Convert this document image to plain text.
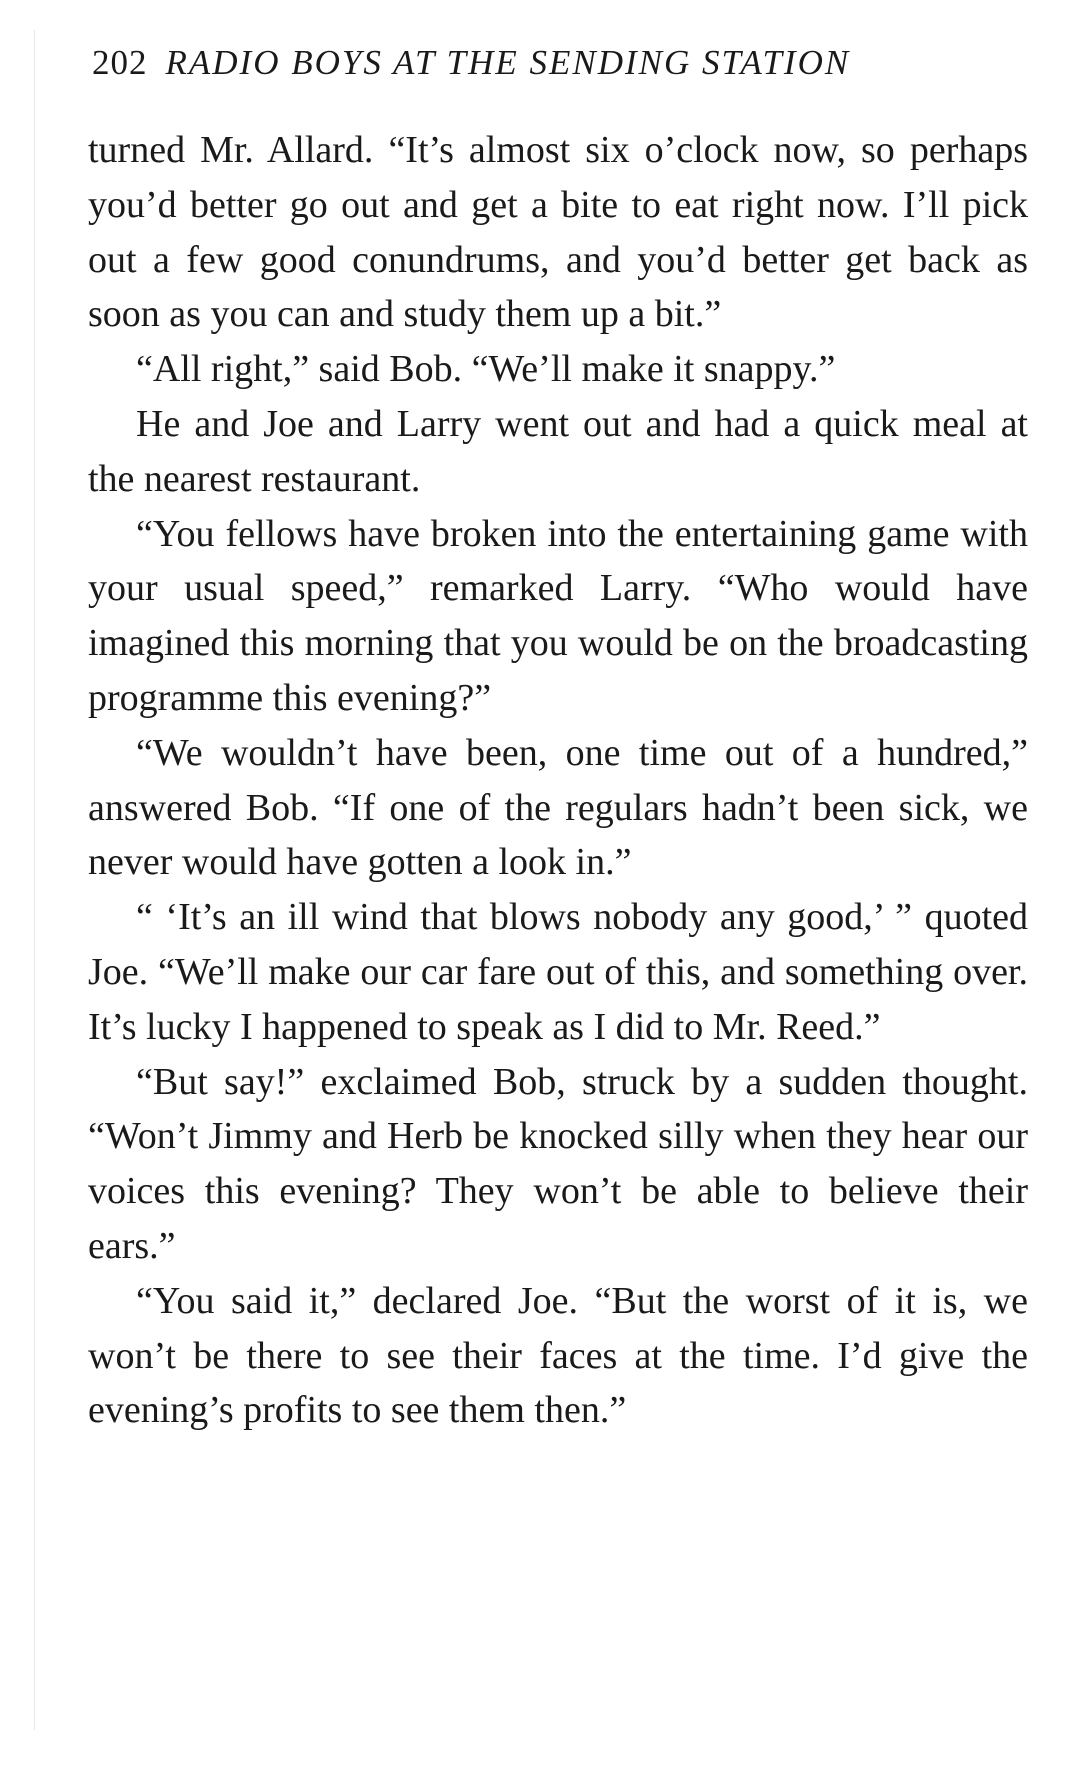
202 RADIO BOYS AT THE SENDING STATION

turned Mr. Allard. “It’s almost six o’clock now, so perhaps you’d better go out and get a bite to eat right now. I’ll pick out a few good conundrums, and you’d better get back as soon as you can and study them up a bit.”

“All right,” said Bob. “We’ll make it snappy.”

He and Joe and Larry went out and had a quick meal at the nearest restaurant.

“You fellows have broken into the entertaining game with your usual speed,” remarked Larry. “Who would have imagined this morning that you would be on the broadcasting programme this evening?”

“We wouldn’t have been, one time out of a hundred,” answered Bob. “If one of the regulars hadn’t been sick, we never would have gotten a look in.”

“ ‘It’s an ill wind that blows nobody any good,’ ” quoted Joe. “We’ll make our car fare out of this, and something over. It’s lucky I happened to speak as I did to Mr. Reed.”

“But say!” exclaimed Bob, struck by a sudden thought. “Won’t Jimmy and Herb be knocked silly when they hear our voices this evening? They won’t be able to believe their ears.”

“You said it,” declared Joe. “But the worst of it is, we won’t be there to see their faces at the time. I’d give the evening’s profits to see them then.”
